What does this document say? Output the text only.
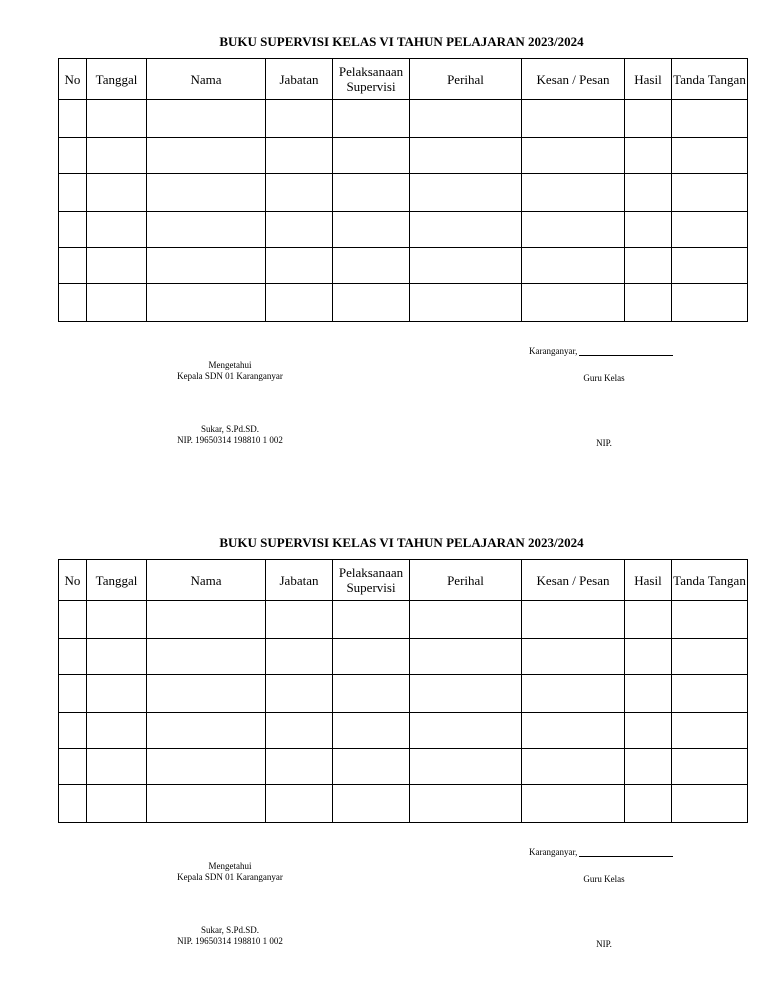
BUKU SUPERVISI KELAS VI TAHUN PELAJARAN 2023/2024
No	Tanggal	Nama	Jabatan	Pelaksanaan Supervisi	Perihal	Kesan / Pesan	Hasil	Tanda Tangan

Karanganyar,
Mengetahui
Kepala SDN 01 Karanganyar	Guru Kelas
Sukar, S.Pd.SD.
NIP. 19650314 198810 1 002	NIP.
BUKU SUPERVISI KELAS VI TAHUN PELAJARAN 2023/2024
No	Tanggal	Nama	Jabatan	Pelaksanaan Supervisi	Perihal	Kesan / Pesan	Hasil	Tanda Tangan

Karanganyar,
Mengetahui
Kepala SDN 01 Karanganyar	Guru Kelas
Sukar, S.Pd.SD.
NIP. 19650314 198810 1 002	NIP.
